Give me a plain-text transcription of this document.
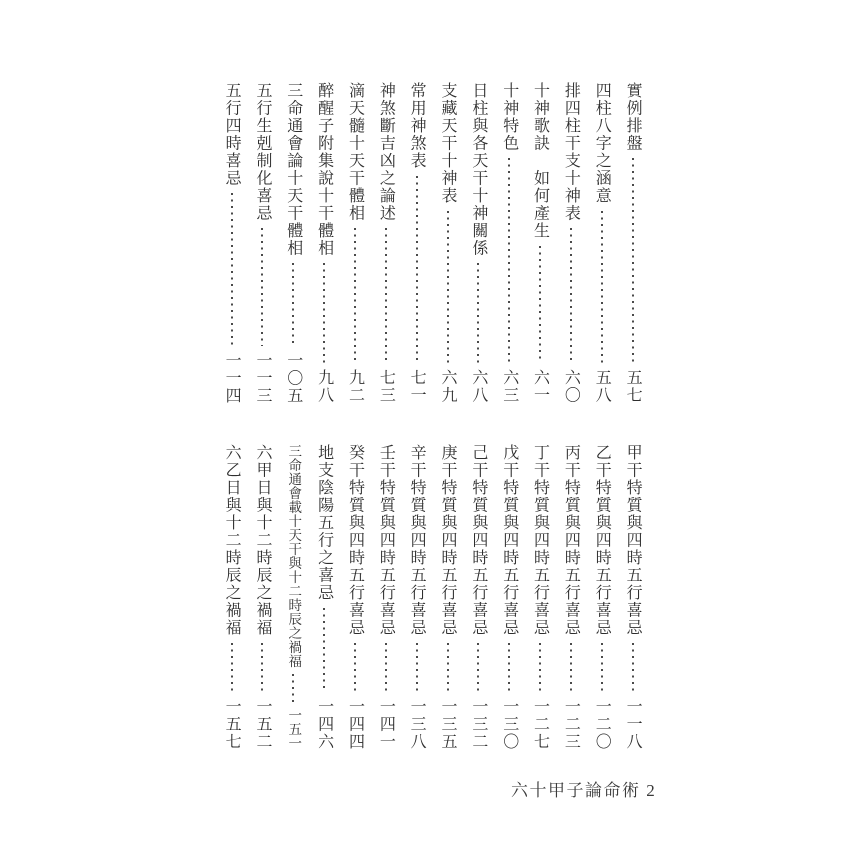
實例排盤
五七
四柱八字之涵意
五八
排四柱干支十神表
六〇
十神歌訣　如何產生
六一
十神特色
六三
日柱與各天干十神關係
六八
支藏天干十神表
六九
常用神煞表
七一
神煞斷吉凶之論述
七三
滴天髓十天干體相
九二
醉醒子附集說十干體相
九八
三命通會論十天干體相
一〇五
五行生剋制化喜忌
一一三
五行四時喜忌
一一四
甲干特質與四時五行喜忌
一一八
乙干特質與四時五行喜忌
一二〇
丙干特質與四時五行喜忌
一二三
丁干特質與四時五行喜忌
一二七
戊干特質與四時五行喜忌
一三〇
己干特質與四時五行喜忌
一三二
庚干特質與四時五行喜忌
一三五
辛干特質與四時五行喜忌
一三八
壬干特質與四時五行喜忌
一四一
癸干特質與四時五行喜忌
一四四
地支陰陽五行之喜忌
一四六
三命通會載十天干與十二時辰之禍福
一五一
六甲日與十二時辰之禍福
一五二
六乙日與十二時辰之禍福
一五七
六十甲子論命術 2
